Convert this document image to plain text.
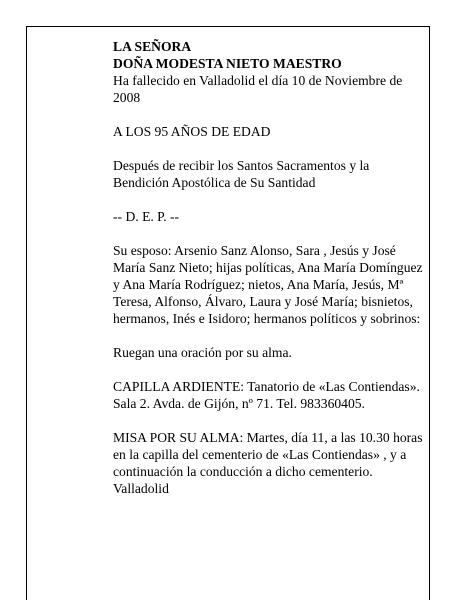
LA SEÑORA

DOÑA MODESTA NIETO MAESTRO

Ha fallecido en Valladolid el día 10 de Noviembre de 2008

A LOS 95 AÑOS DE EDAD

Después de recibir los Santos Sacramentos y la Bendición Apostólica de Su Santidad

-- D. E. P. --

Su esposo: Arsenio Sanz Alonso, Sara , Jesús y José María Sanz Nieto; hijas políticas, Ana María Domínguez y Ana María Rodríguez; nietos, Ana María, Jesús, Mª Teresa, Alfonso, Álvaro, Laura y José María; bisnietos, hermanos, Inés e Isidoro; hermanos políticos y sobrinos:

Ruegan una oración por su alma.

CAPILLA ARDIENTE: Tanatorio de «Las Contiendas». Sala 2. Avda. de Gijón, nº 71. Tel. 983360405.

MISA POR SU ALMA: Martes, día 11, a las 10.30 horas en la capilla del cementerio de «Las Contiendas» , y a continuación la conducción a dicho cementerio.

Valladolid
